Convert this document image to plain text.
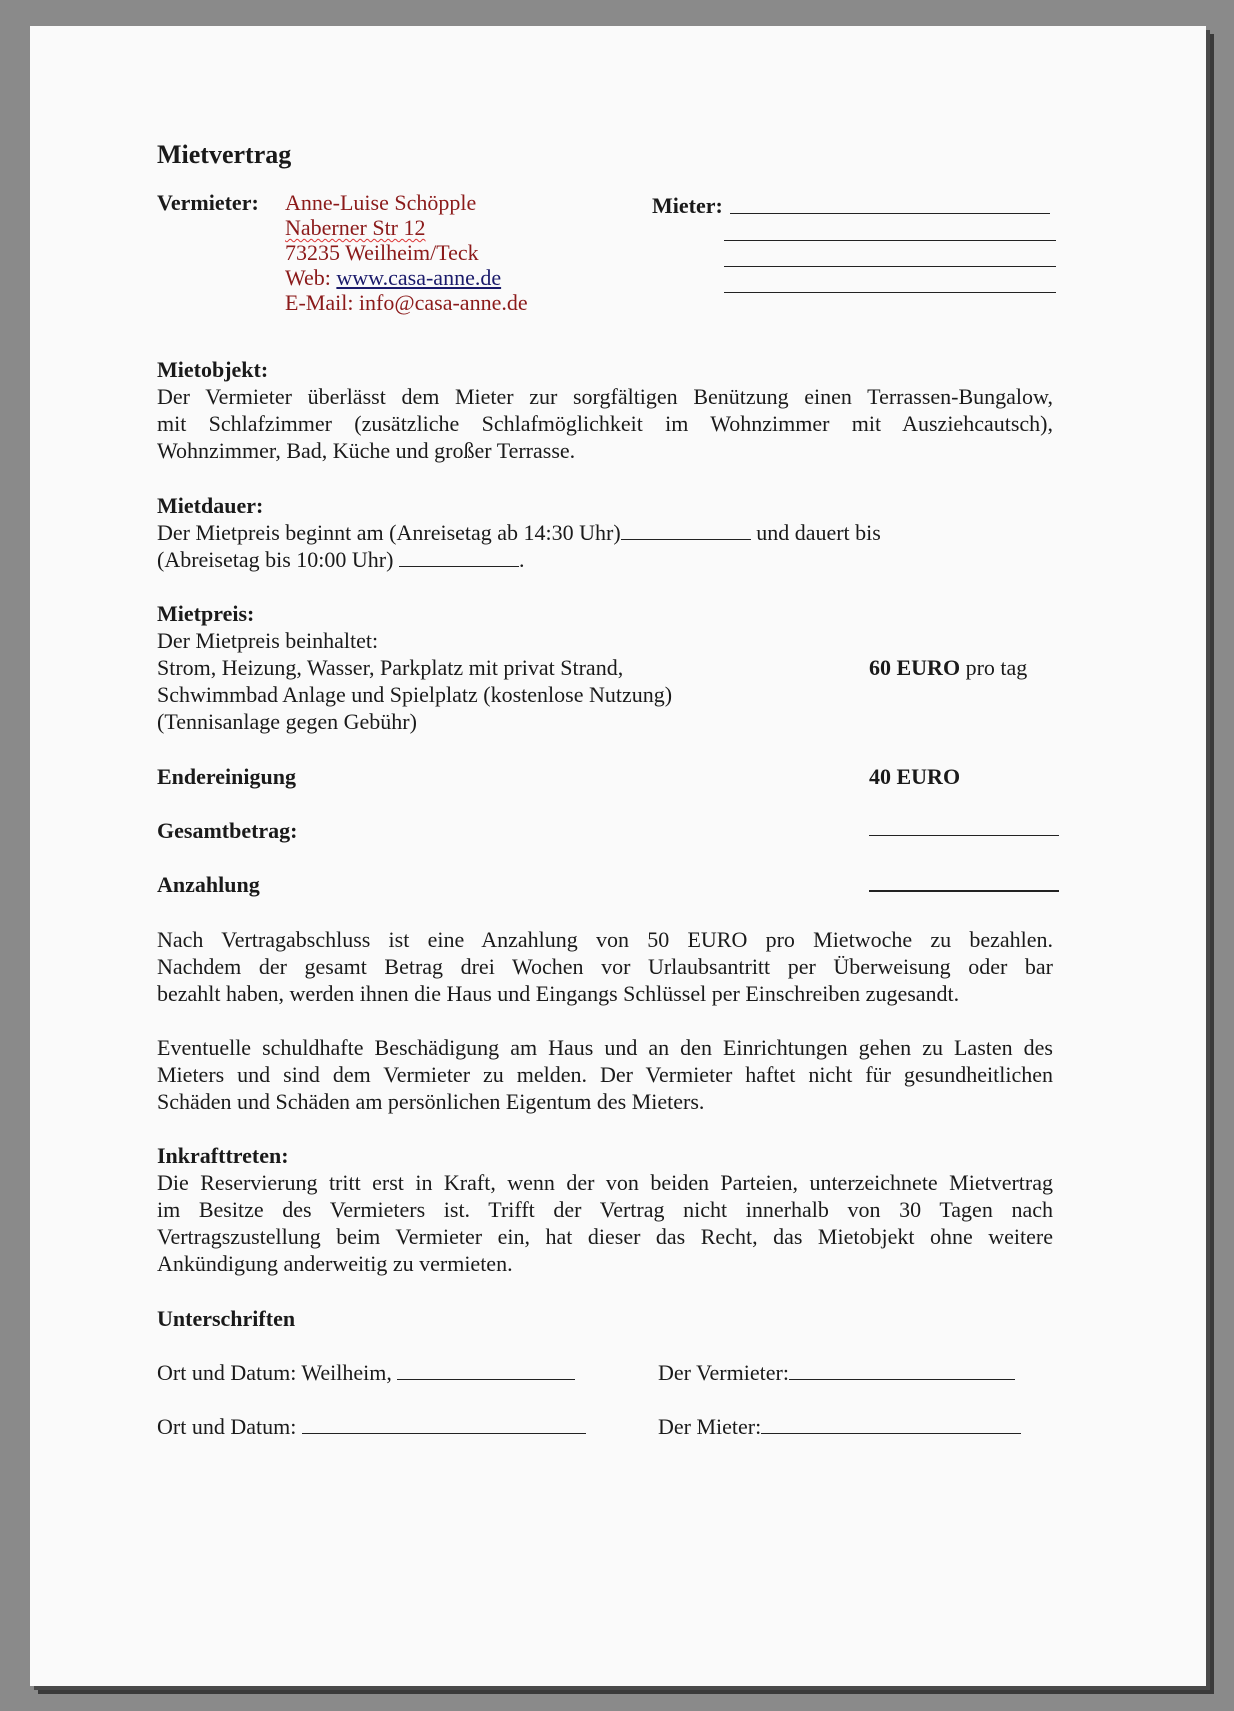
Mietvertrag
Vermieter: Anne-Luise Schöpple
Naberner Str 12
73235 Weilheim/Teck
Web: www.casa-anne.de
E-Mail: info@casa-anne.de
Mieter:
Mietobjekt:
Der Vermieter überlässt dem Mieter zur sorgfältigen Benützung einen Terrassen-Bungalow,
mit Schlafzimmer (zusätzliche Schlafmöglichkeit im Wohnzimmer mit Ausziehcautsch),
Wohnzimmer, Bad, Küche und großer Terrasse.
Mietdauer:
Der Mietpreis beginnt am (Anreisetag ab 14:30 Uhr)	und dauert bis
(Abreisetag bis 10:00 Uhr)	.
Mietpreis:
Der Mietpreis beinhaltet:
Strom, Heizung, Wasser, Parkplatz mit privat Strand,
Schwimmbad Anlage und Spielplatz (kostenlose Nutzung)
(Tennisanlage gegen Gebühr)
60 EURO pro tag
Endereinigung	40 EURO
Gesamtbetrag:
Anzahlung
Nach Vertragabschluss ist eine Anzahlung von 50 EURO pro Mietwoche zu bezahlen.
Nachdem der gesamt Betrag drei Wochen vor Urlaubsantritt per Überweisung oder bar
bezahlt haben, werden ihnen die Haus und Eingangs Schlüssel per Einschreiben zugesandt.
Eventuelle schuldhafte Beschädigung am Haus und an den Einrichtungen gehen zu Lasten des
Mieters und sind dem Vermieter zu melden. Der Vermieter haftet nicht für gesundheitlichen
Schäden und Schäden am persönlichen Eigentum des Mieters.
Inkrafttreten:
Die Reservierung tritt erst in Kraft, wenn der von beiden Parteien, unterzeichnete Mietvertrag
im Besitze des Vermieters ist. Trifft der Vertrag nicht innerhalb von 30 Tagen nach
Vertragszustellung beim Vermieter ein, hat dieser das Recht, das Mietobjekt ohne weitere
Ankündigung anderweitig zu vermieten.
Unterschriften
Ort und Datum: Weilheim,	Der Vermieter:
Ort und Datum:	Der Mieter:
